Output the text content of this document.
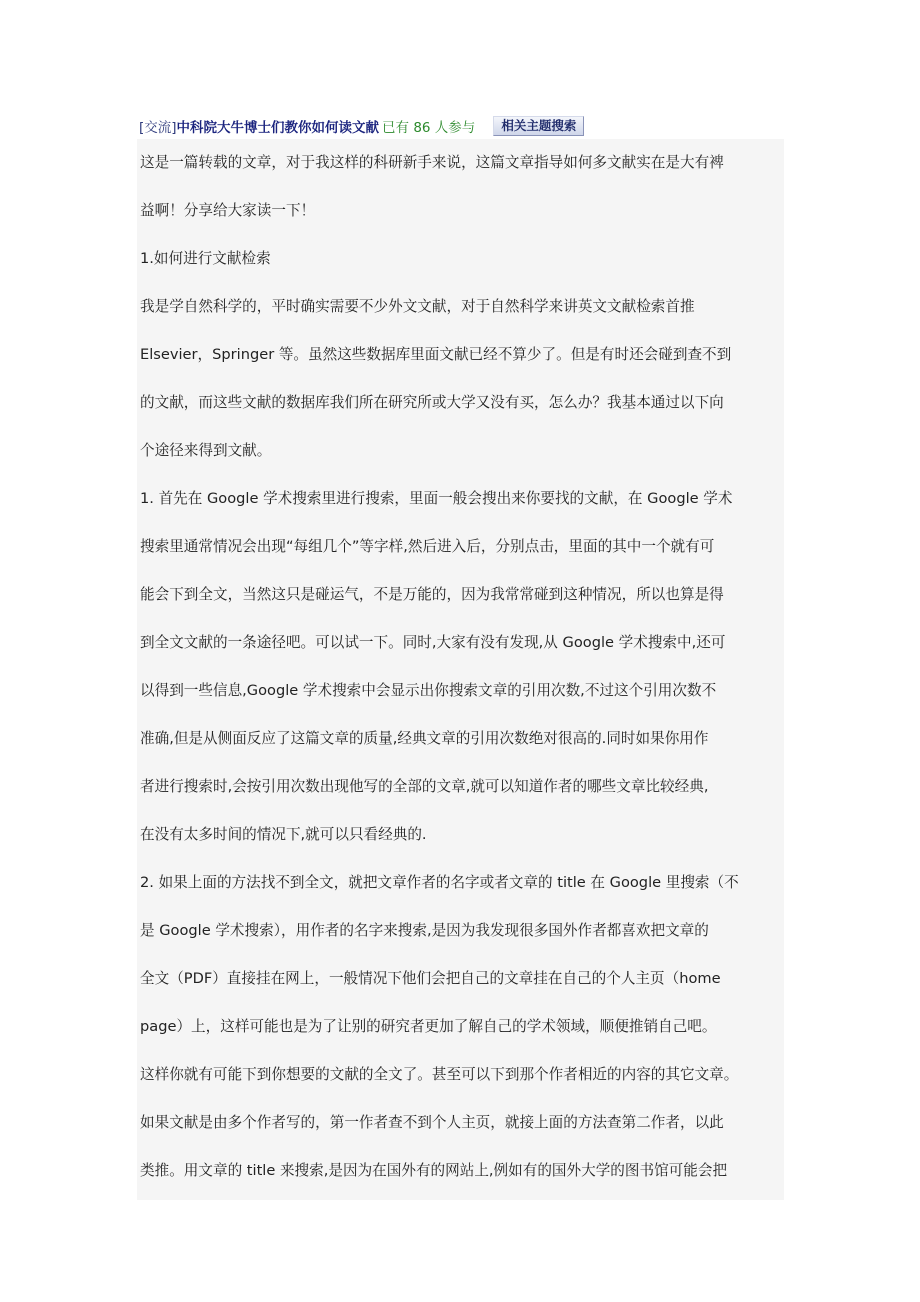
[交流] 中科院大牛博士们教你如何读文献 已有 86 人参与	相关主题搜索
这是一篇转载的文章，对于我这样的科研新手来说，这篇文章指导如何多文献实在是大有裨
益啊！分享给大家读一下！
1.如何进行文献检索
我是学自然科学的，平时确实需要不少外文文献，对于自然科学来讲英文文献检索首推
Elsevier，Springer 等。虽然这些数据库里面文献已经不算少了。但是有时还会碰到查不到
的文献，而这些文献的数据库我们所在研究所或大学又没有买，怎么办？我基本通过以下向
个途径来得到文献。
1. 首先在 Google 学术搜索里进行搜索，里面一般会搜出来你要找的文献，在 Google 学术
搜索里通常情况会出现“每组几个”等字样,然后进入后，分别点击，里面的其中一个就有可
能会下到全文，当然这只是碰运气，不是万能的，因为我常常碰到这种情况，所以也算是得
到全文文献的一条途径吧。可以试一下。同时,大家有没有发现,从 Google 学术搜索中,还可
以得到一些信息,Google 学术搜索中会显示出你搜索文章的引用次数,不过这个引用次数不
准确,但是从侧面反应了这篇文章的质量,经典文章的引用次数绝对很高的.同时如果你用作
者进行搜索时,会按引用次数出现他写的全部的文章,就可以知道作者的哪些文章比较经典,
在没有太多时间的情况下,就可以只看经典的.
2. 如果上面的方法找不到全文，就把文章作者的名字或者文章的 title 在 Google 里搜索（不
是 Google 学术搜索），用作者的名字来搜索,是因为我发现很多国外作者都喜欢把文章的
全文（PDF）直接挂在网上，一般情况下他们会把自己的文章挂在自己的个人主页（home
page）上，这样可能也是为了让别的研究者更加了解自己的学术领域，顺便推销自己吧。
这样你就有可能下到你想要的文献的全文了。甚至可以下到那个作者相近的内容的其它文章。
如果文献是由多个作者写的，第一作者查不到个人主页，就接上面的方法查第二作者，以此
类推。用文章的 title 来搜索,是因为在国外有的网站上,例如有的国外大学的图书馆可能会把
